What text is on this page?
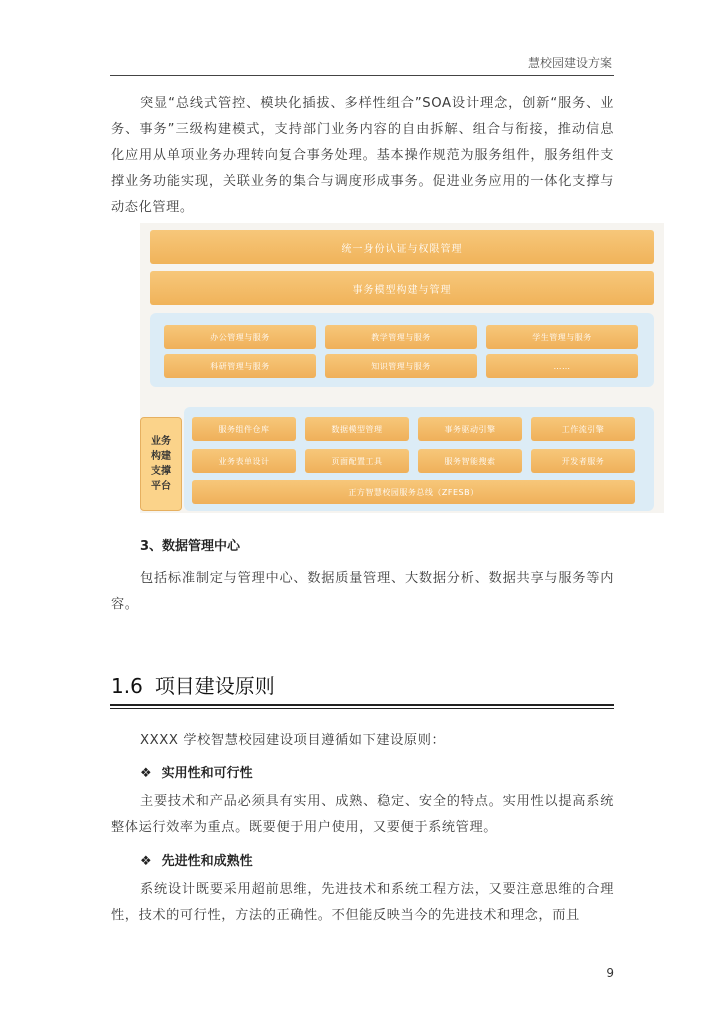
慧校园建设方案
突显“总线式管控、模块化插拔、多样性组合”SOA设计理念，创新“服务、业务、事务”三级构建模式，支持部门业务内容的自由拆解、组合与衔接，推动信息化应用从单项业务办理转向复合事务处理。基本操作规范为服务组件，服务组件支撑业务功能实现，关联业务的集合与调度形成事务。促进业务应用的一体化支撑与动态化管理。
统一身份认证与权限管理
事务模型构建与管理
办公管理与服务	教学管理与服务	学生管理与服务
科研管理与服务	知识管理与服务	……
服务组件仓库	数据模型管理	事务驱动引擎	工作流引擎
业务表单设计	页面配置工具	服务智能搜索	开发者服务
正方智慧校园服务总线（ZFESB）
业务构建支撑平台
3、数据管理中心
包括标准制定与管理中心、数据质量管理、大数据分析、数据共享与服务等内容。
1.6 项目建设原则
XXXX 学校智慧校园建设项目遵循如下建设原则：
❖ 实用性和可行性
主要技术和产品必须具有实用、成熟、稳定、安全的特点。实用性以提高系统整体运行效率为重点。既要便于用户使用，又要便于系统管理。
❖ 先进性和成熟性
系统设计既要采用超前思维，先进技术和系统工程方法，又要注意思维的合理性，技术的可行性，方法的正确性。不但能反映当今的先进技术和理念，而且
9
